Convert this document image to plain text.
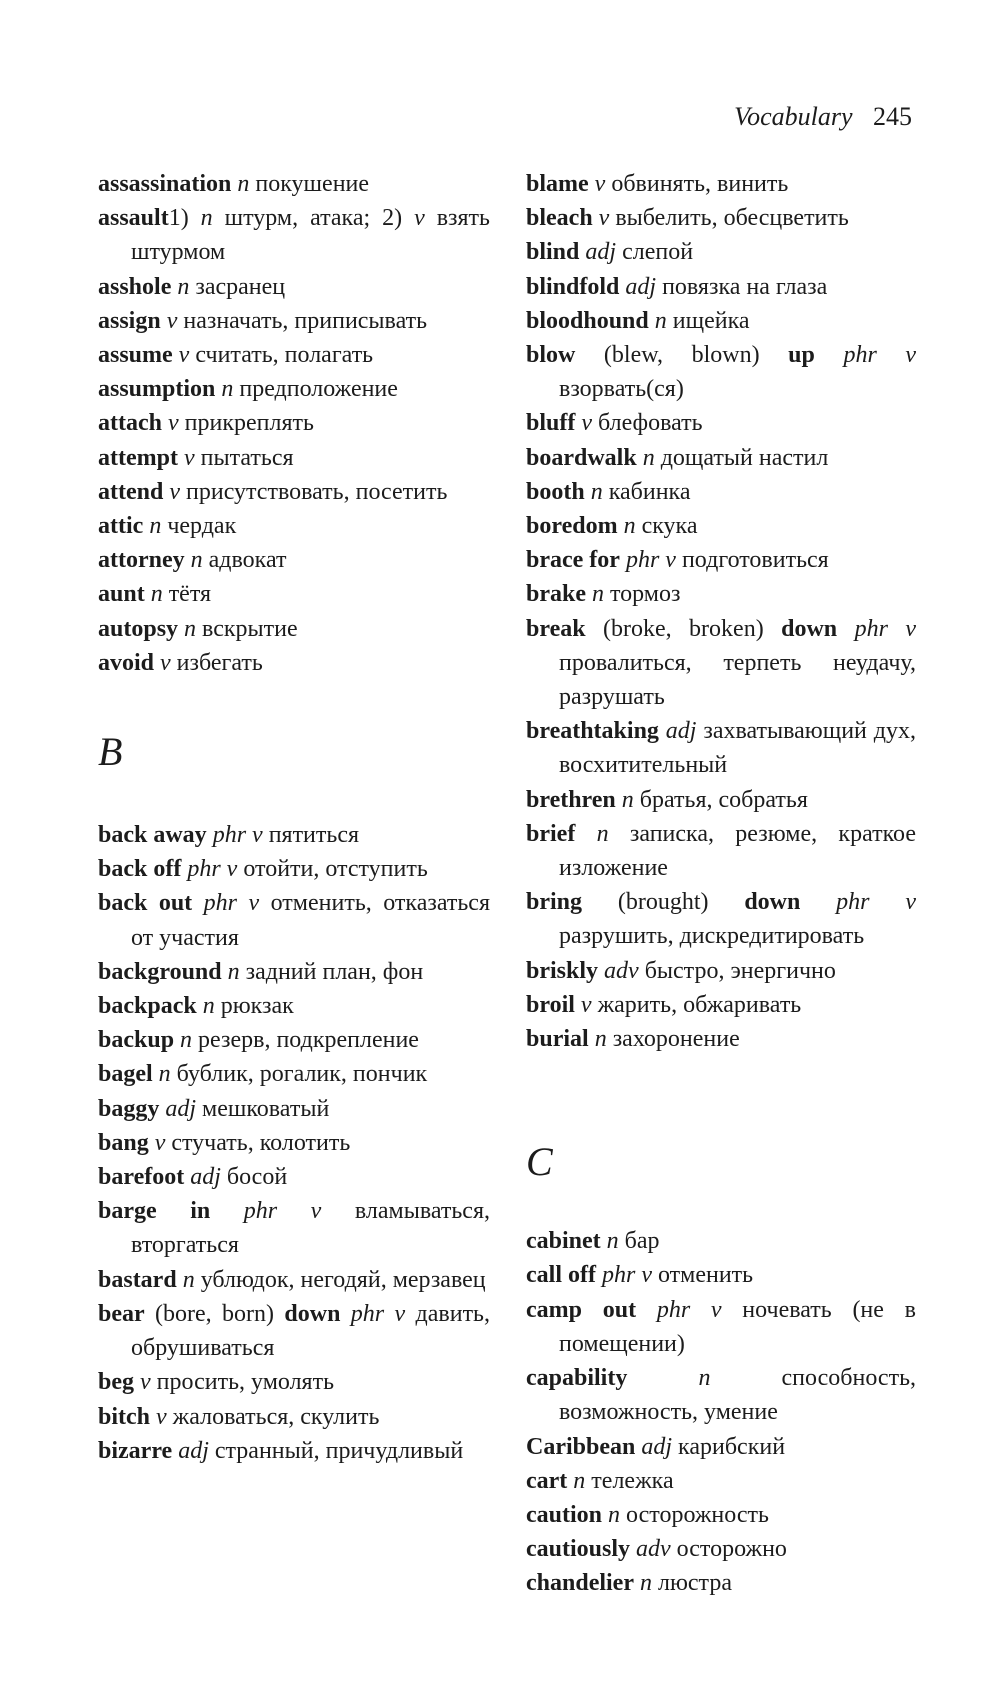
Vocabulary 245
assassination n покушение
assault1) n штурм, атака; 2) v взять штурмом
asshole n засранец
assign v назначать, приписывать
assume v считать, полагать
assumption n предположение
attach v прикреплять
attempt v пытаться
attend v присутствовать, посетить
attic n чердак
attorney n адвокат
aunt n тётя
autopsy n вскрытие
avoid v избегать
B
back away phr v пятиться
back off phr v отойти, отступить
back out phr v отменить, отказаться от участия
background n задний план, фон
backpack n рюкзак
backup n резерв, подкрепление
bagel n бублик, рогалик, пончик
baggy adj мешковатый
bang v стучать, колотить
barefoot adj босой
barge in phr v вламываться, вторгаться
bastard n ублюдок, негодяй, мерзавец
bear (bore, born) down phr v давить, обрушиваться
beg v просить, умолять
bitch v жаловаться, скулить
bizarre adj странный, причудливый
blame v обвинять, винить
bleach v выбелить, обесцветить
blind adj слепой
blindfold adj повязка на глаза
bloodhound n ищейка
blow (blew, blown) up phr v взорвать(ся)
bluff v блефовать
boardwalk n дощатый настил
booth n кабинка
boredom n скука
brace for phr v подготовиться
brake n тормоз
break (broke, broken) down phr v провалиться, терпеть неудачу, разрушать
breathtaking adj захватывающий дух, восхитительный
brethren n братья, собратья
brief n записка, резюме, краткое изложение
bring (brought) down phr v разрушить, дискредитировать
briskly adv быстро, энергично
broil v жарить, обжаривать
burial n захоронение
C
cabinet n бар
call off phr v отменить
camp out phr v ночевать (не в помещении)
capability	n	способность, возможность, умение
Caribbean adj карибский
cart n тележка
caution n осторожность
cautiously adv осторожно
chandelier n люстра
